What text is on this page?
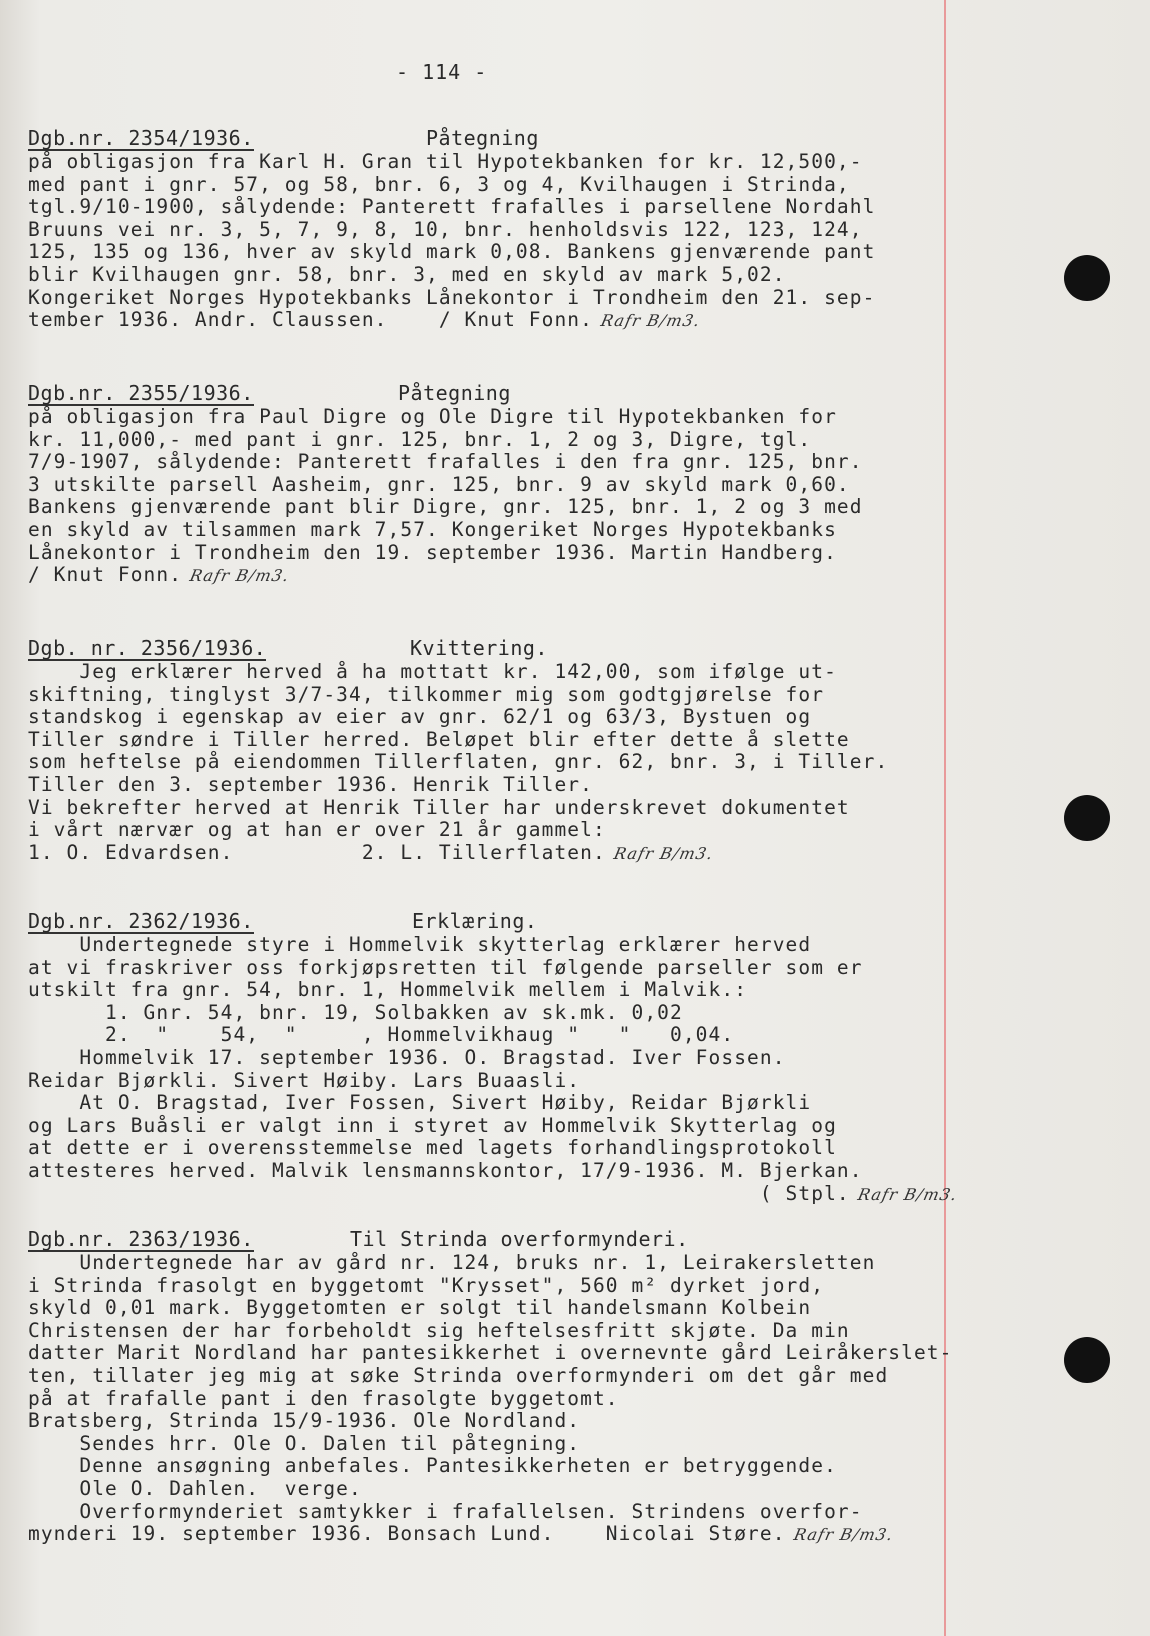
- 114 -
Dgb.nr. 2354/1936.	Påtegning
på obligasjon fra Karl H. Gran til Hypotekbanken for kr. 12,500,-
med pant i gnr. 57, og 58, bnr. 6, 3 og 4, Kvilhaugen i Strinda,
tgl.9/10-1900, sålydende: Panterett frafalles i parsellene Nordahl
Bruuns vei nr. 3, 5, 7, 9, 8, 10, bnr. henholdsvis 122, 123, 124,
125, 135 og 136, hver av skyld mark 0,08. Bankens gjenværende pant
blir Kvilhaugen gnr. 58, bnr. 3, med en skyld av mark 5,02.
Kongeriket Norges Hypotekbanks Lånekontor i Trondheim den 21. sep-
tember 1936. Andr. Claussen.    / Knut Fonn. Rafr B/m3.
Dgb.nr. 2355/1936.	Påtegning
på obligasjon fra Paul Digre og Ole Digre til Hypotekbanken for
kr. 11,000,- med pant i gnr. 125, bnr. 1, 2 og 3, Digre, tgl.
7/9-1907, sålydende: Panterett frafalles i den fra gnr. 125, bnr.
3 utskilte parsell Aasheim, gnr. 125, bnr. 9 av skyld mark 0,60.
Bankens gjenværende pant blir Digre, gnr. 125, bnr. 1, 2 og 3 med
en skyld av tilsammen mark 7,57. Kongeriket Norges Hypotekbanks
Lånekontor i Trondheim den 19. september 1936. Martin Handberg.
/ Knut Fonn. Rafr B/m3.
Dgb. nr. 2356/1936.	Kvittering.
Jeg erklærer herved å ha mottatt kr. 142,00, som ifølge ut-
skiftning, tinglyst 3/7-34, tilkommer mig som godtgjørelse for
standskog i egenskap av eier av gnr. 62/1 og 63/3, Bystuen og
Tiller søndre i Tiller herred. Beløpet blir efter dette å slette
som heftelse på eiendommen Tillerflaten, gnr. 62, bnr. 3, i Tiller.
Tiller den 3. september 1936. Henrik Tiller.
Vi bekrefter herved at Henrik Tiller har underskrevet dokumentet
i vårt nærvær og at han er over 21 år gammel:
1. O. Edvardsen.          2. L. Tillerflaten. Rafr B/m3.
Dgb.nr. 2362/1936.	Erklæring.
Undertegnede styre i Hommelvik skytterlag erklærer herved
at vi fraskriver oss forkjøpsretten til følgende parseller som er
utskilt fra gnr. 54, bnr. 1, Hommelvik mellem i Malvik.:
1. Gnr. 54, bnr. 19, Solbakken av sk.mk. 0,02
2.  "    54,  "     , Hommelvikhaug "   "   0,04.
Hommelvik 17. september 1936. O. Bragstad. Iver Fossen.
Reidar Bjørkli. Sivert Høiby. Lars Buaasli.
At O. Bragstad, Iver Fossen, Sivert Høiby, Reidar Bjørkli
og Lars Buåsli er valgt inn i styret av Hommelvik Skytterlag og
at dette er i overensstemmelse med lagets forhandlingsprotokoll
attesteres herved. Malvik lensmannskontor, 17/9-1936. M. Bjerkan.
( Stpl. Rafr B/m3.
Dgb.nr. 2363/1936.	Til Strinda overformynderi.
Undertegnede har av gård nr. 124, bruks nr. 1, Leirakersletten
i Strinda frasolgt en byggetomt "Krysset", 560 m² dyrket jord,
skyld 0,01 mark. Byggetomten er solgt til handelsmann Kolbein
Christensen der har forbeholdt sig heftelsesfritt skjøte. Da min
datter Marit Nordland har pantesikkerhet i overnevnte gård Leiråkerslet-
ten, tillater jeg mig at søke Strinda overformynderi om det går med
på at frafalle pant i den frasolgte byggetomt.
Bratsberg, Strinda 15/9-1936. Ole Nordland.
Sendes hrr. Ole O. Dalen til påtegning.
Denne ansøgning anbefales. Pantesikkerheten er betryggende.
Ole O. Dahlen.  verge.
Overformynderiet samtykker i frafallelsen. Strindens overfor-
mynderi 19. september 1936. Bonsach Lund.    Nicolai Støre. Rafr B/m3.
